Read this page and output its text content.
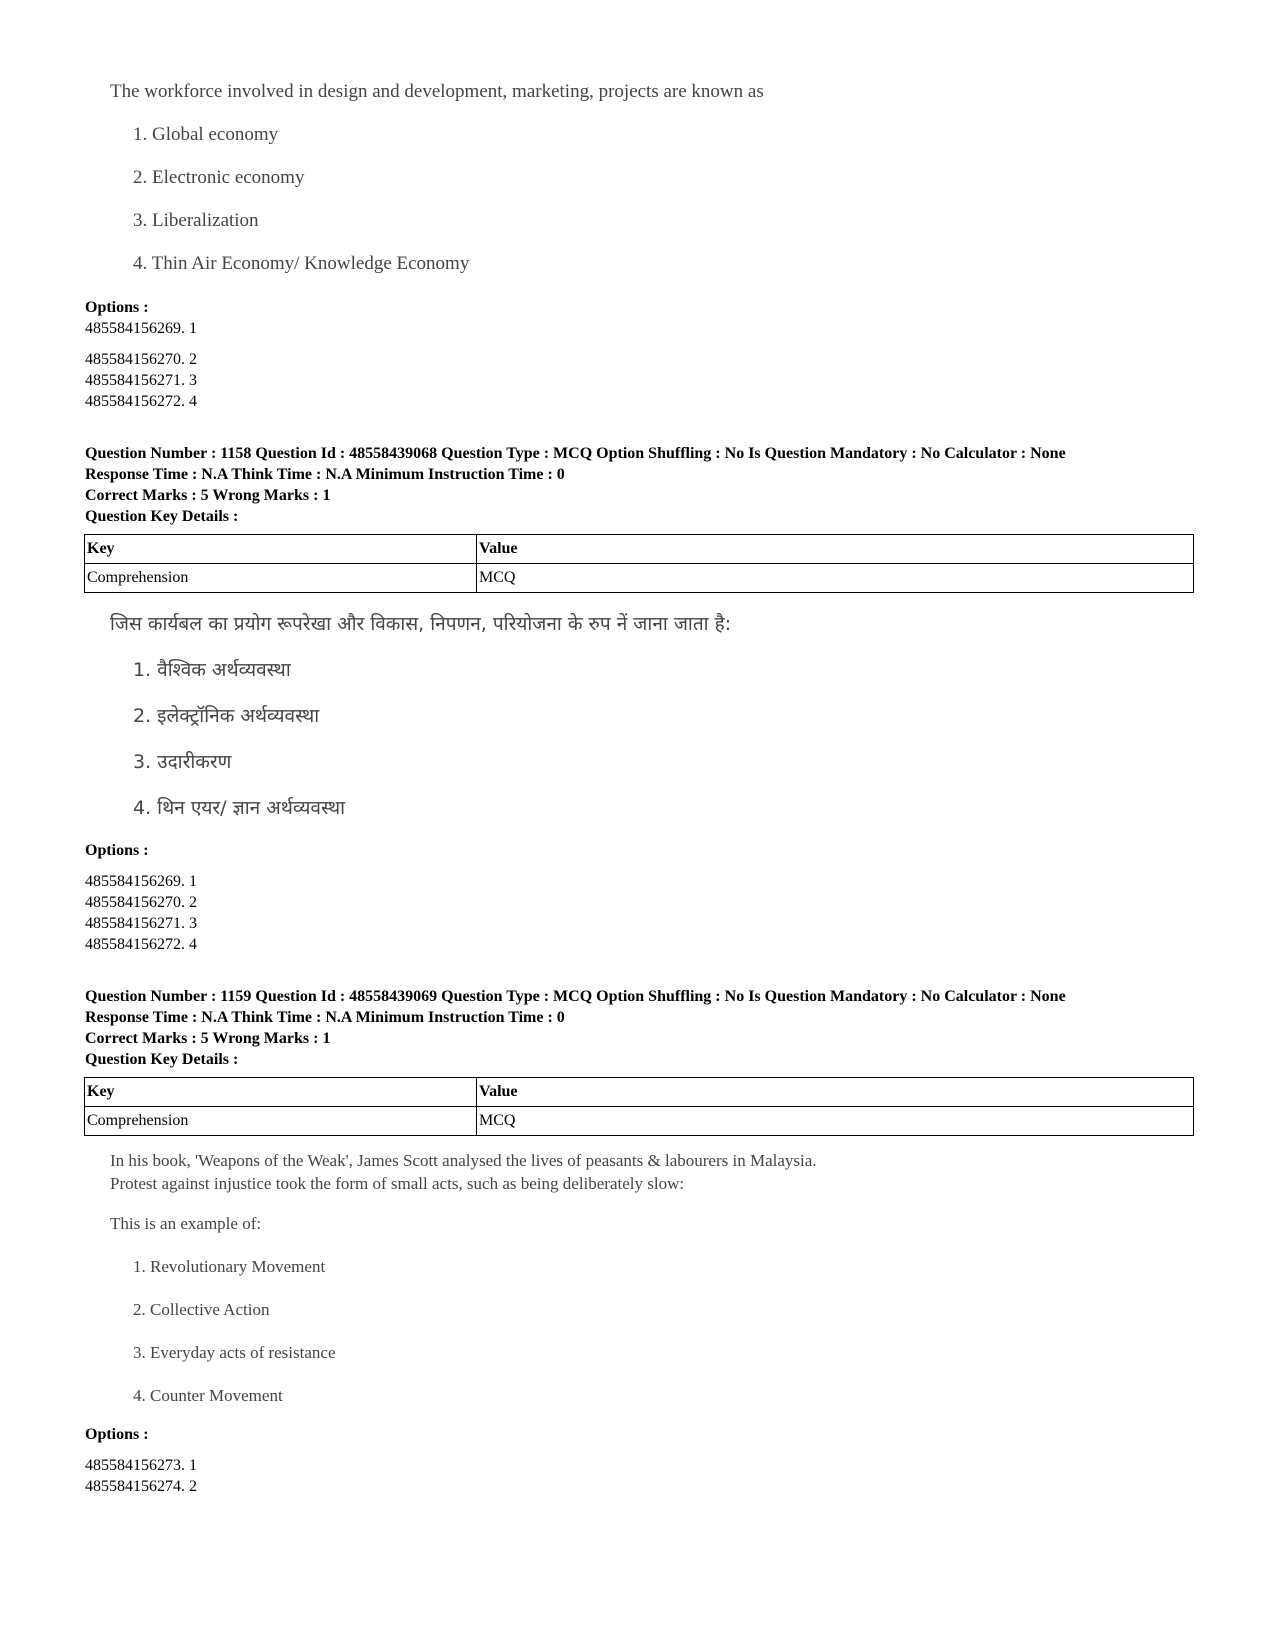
The workforce involved in design and development, marketing, projects are known as
1. Global economy
2. Electronic economy
3. Liberalization
4. Thin Air Economy/ Knowledge Economy
Options :
485584156269. 1
485584156270. 2
485584156271. 3
485584156272. 4
Question Number : 1158 Question Id : 48558439068 Question Type : MCQ Option Shuffling : No Is Question Mandatory : No Calculator : None
Response Time : N.A Think Time : N.A Minimum Instruction Time : 0
Correct Marks : 5 Wrong Marks : 1
Question Key Details :
Key	Value
Comprehension	MCQ
जिस कार्यबल का प्रयोग रूपरेखा और विकास, निपणन, परियोजना के रुप नें जाना जाता है:
1. वैश्विक अर्थव्यवस्था
2. इलेक्ट्रॉनिक अर्थव्यवस्था
3. उदारीकरण
4. थिन एयर/ ज्ञान अर्थव्यवस्था
Options :
485584156269. 1
485584156270. 2
485584156271. 3
485584156272. 4
Question Number : 1159 Question Id : 48558439069 Question Type : MCQ Option Shuffling : No Is Question Mandatory : No Calculator : None
Response Time : N.A Think Time : N.A Minimum Instruction Time : 0
Correct Marks : 5 Wrong Marks : 1
Question Key Details :
Key	Value
Comprehension	MCQ
In his book, 'Weapons of the Weak', James Scott analysed the lives of peasants & labourers in Malaysia.
Protest against injustice took the form of small acts, such as being deliberately slow:
This is an example of:
1. Revolutionary Movement
2. Collective Action
3. Everyday acts of resistance
4. Counter Movement
Options :
485584156273. 1
485584156274. 2
